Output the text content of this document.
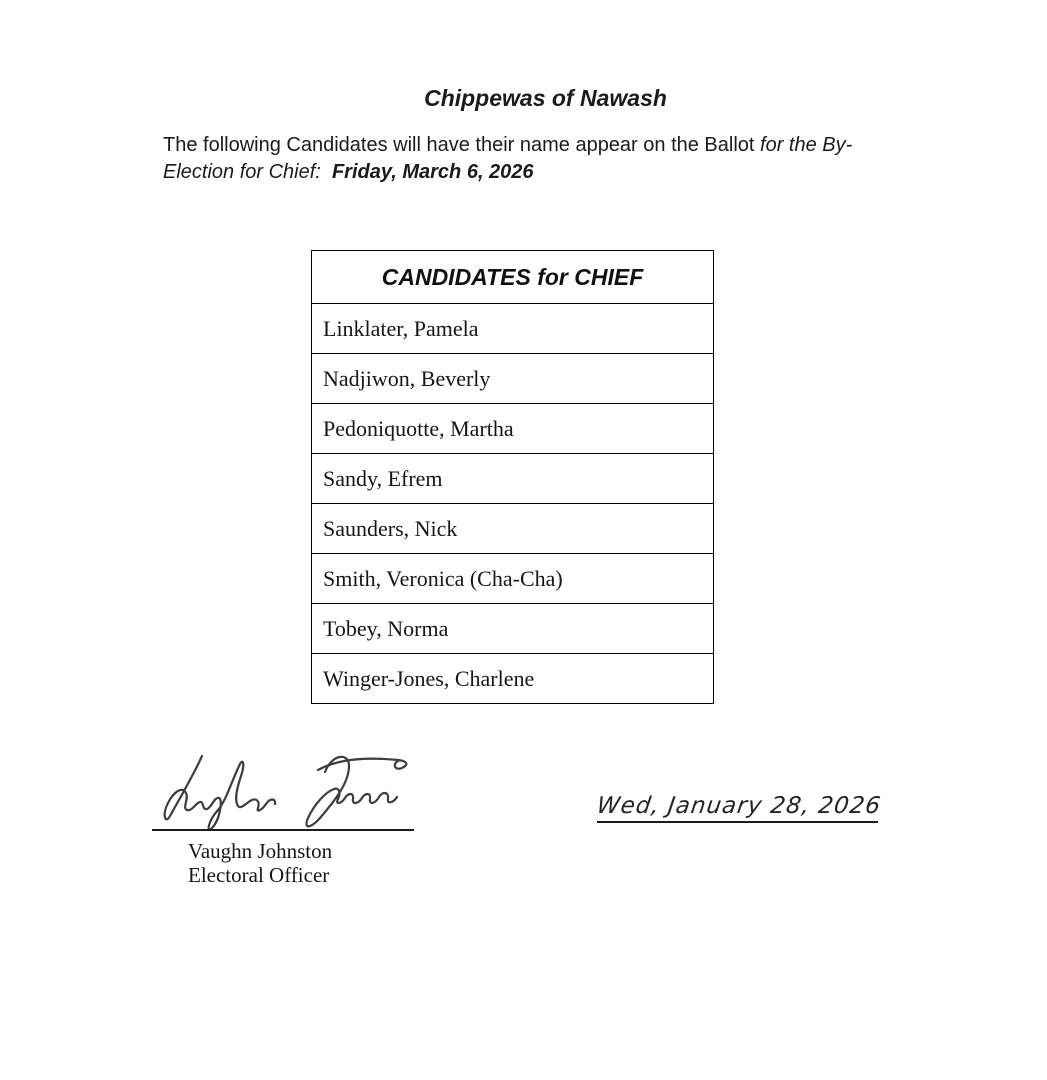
Chippewas of Nawash

The following Candidates will have their name appear on the Ballot for the By-Election for Chief:  Friday, March 6, 2026

CANDIDATES for CHIEF
Linklater, Pamela
Nadjiwon, Beverly
Pedoniquotte, Martha
Sandy, Efrem
Saunders, Nick
Smith, Veronica (Cha-Cha)
Tobey, Norma
Winger-Jones, Charlene
Vaughn Johnston
Electoral Officer
Wed, January 28, 2026
